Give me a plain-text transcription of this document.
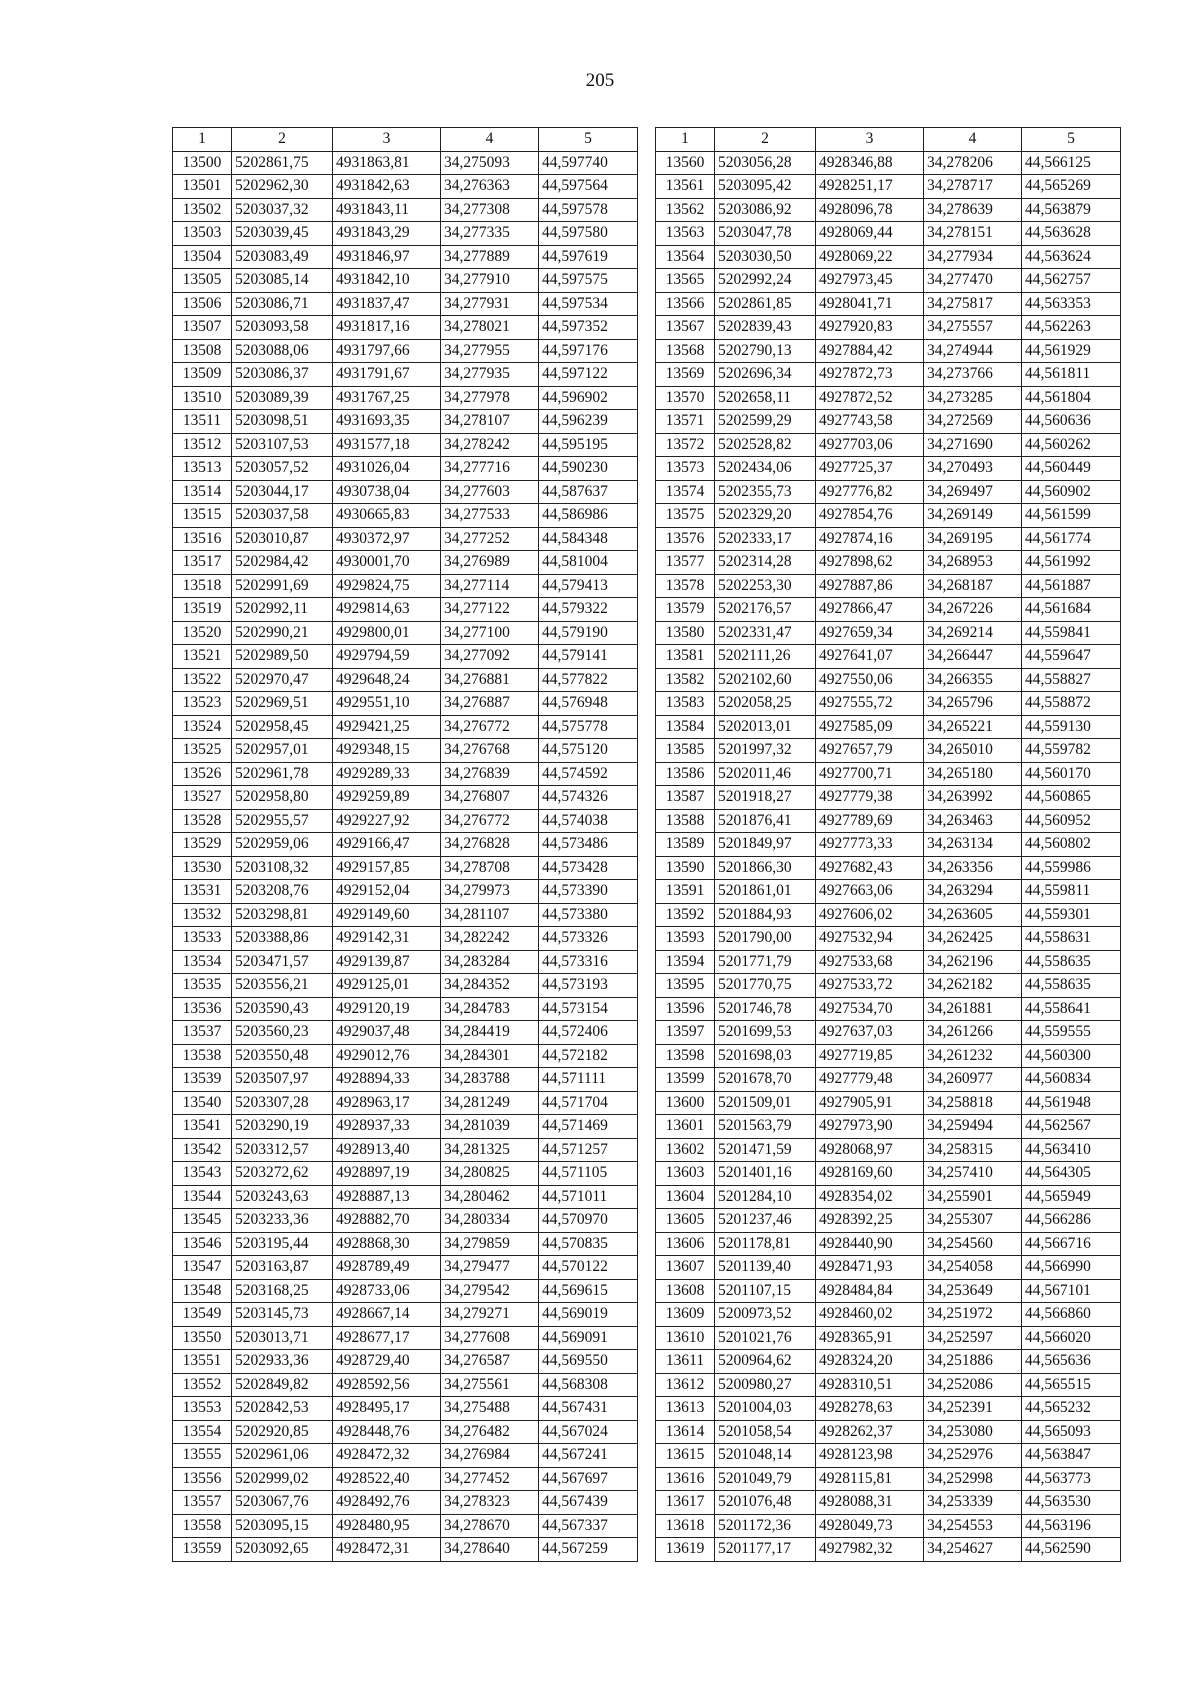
205
1	2	3	4	5
13500	5202861,75	4931863,81	34,275093	44,597740
13501	5202962,30	4931842,63	34,276363	44,597564
13502	5203037,32	4931843,11	34,277308	44,597578
13503	5203039,45	4931843,29	34,277335	44,597580
13504	5203083,49	4931846,97	34,277889	44,597619
13505	5203085,14	4931842,10	34,277910	44,597575
13506	5203086,71	4931837,47	34,277931	44,597534
13507	5203093,58	4931817,16	34,278021	44,597352
13508	5203088,06	4931797,66	34,277955	44,597176
13509	5203086,37	4931791,67	34,277935	44,597122
13510	5203089,39	4931767,25	34,277978	44,596902
13511	5203098,51	4931693,35	34,278107	44,596239
13512	5203107,53	4931577,18	34,278242	44,595195
13513	5203057,52	4931026,04	34,277716	44,590230
13514	5203044,17	4930738,04	34,277603	44,587637
13515	5203037,58	4930665,83	34,277533	44,586986
13516	5203010,87	4930372,97	34,277252	44,584348
13517	5202984,42	4930001,70	34,276989	44,581004
13518	5202991,69	4929824,75	34,277114	44,579413
13519	5202992,11	4929814,63	34,277122	44,579322
13520	5202990,21	4929800,01	34,277100	44,579190
13521	5202989,50	4929794,59	34,277092	44,579141
13522	5202970,47	4929648,24	34,276881	44,577822
13523	5202969,51	4929551,10	34,276887	44,576948
13524	5202958,45	4929421,25	34,276772	44,575778
13525	5202957,01	4929348,15	34,276768	44,575120
13526	5202961,78	4929289,33	34,276839	44,574592
13527	5202958,80	4929259,89	34,276807	44,574326
13528	5202955,57	4929227,92	34,276772	44,574038
13529	5202959,06	4929166,47	34,276828	44,573486
13530	5203108,32	4929157,85	34,278708	44,573428
13531	5203208,76	4929152,04	34,279973	44,573390
13532	5203298,81	4929149,60	34,281107	44,573380
13533	5203388,86	4929142,31	34,282242	44,573326
13534	5203471,57	4929139,87	34,283284	44,573316
13535	5203556,21	4929125,01	34,284352	44,573193
13536	5203590,43	4929120,19	34,284783	44,573154
13537	5203560,23	4929037,48	34,284419	44,572406
13538	5203550,48	4929012,76	34,284301	44,572182
13539	5203507,97	4928894,33	34,283788	44,571111
13540	5203307,28	4928963,17	34,281249	44,571704
13541	5203290,19	4928937,33	34,281039	44,571469
13542	5203312,57	4928913,40	34,281325	44,571257
13543	5203272,62	4928897,19	34,280825	44,571105
13544	5203243,63	4928887,13	34,280462	44,571011
13545	5203233,36	4928882,70	34,280334	44,570970
13546	5203195,44	4928868,30	34,279859	44,570835
13547	5203163,87	4928789,49	34,279477	44,570122
13548	5203168,25	4928733,06	34,279542	44,569615
13549	5203145,73	4928667,14	34,279271	44,569019
13550	5203013,71	4928677,17	34,277608	44,569091
13551	5202933,36	4928729,40	34,276587	44,569550
13552	5202849,82	4928592,56	34,275561	44,568308
13553	5202842,53	4928495,17	34,275488	44,567431
13554	5202920,85	4928448,76	34,276482	44,567024
13555	5202961,06	4928472,32	34,276984	44,567241
13556	5202999,02	4928522,40	34,277452	44,567697
13557	5203067,76	4928492,76	34,278323	44,567439
13558	5203095,15	4928480,95	34,278670	44,567337
13559	5203092,65	4928472,31	34,278640	44,567259
1	2	3	4	5
13560	5203056,28	4928346,88	34,278206	44,566125
13561	5203095,42	4928251,17	34,278717	44,565269
13562	5203086,92	4928096,78	34,278639	44,563879
13563	5203047,78	4928069,44	34,278151	44,563628
13564	5203030,50	4928069,22	34,277934	44,563624
13565	5202992,24	4927973,45	34,277470	44,562757
13566	5202861,85	4928041,71	34,275817	44,563353
13567	5202839,43	4927920,83	34,275557	44,562263
13568	5202790,13	4927884,42	34,274944	44,561929
13569	5202696,34	4927872,73	34,273766	44,561811
13570	5202658,11	4927872,52	34,273285	44,561804
13571	5202599,29	4927743,58	34,272569	44,560636
13572	5202528,82	4927703,06	34,271690	44,560262
13573	5202434,06	4927725,37	34,270493	44,560449
13574	5202355,73	4927776,82	34,269497	44,560902
13575	5202329,20	4927854,76	34,269149	44,561599
13576	5202333,17	4927874,16	34,269195	44,561774
13577	5202314,28	4927898,62	34,268953	44,561992
13578	5202253,30	4927887,86	34,268187	44,561887
13579	5202176,57	4927866,47	34,267226	44,561684
13580	5202331,47	4927659,34	34,269214	44,559841
13581	5202111,26	4927641,07	34,266447	44,559647
13582	5202102,60	4927550,06	34,266355	44,558827
13583	5202058,25	4927555,72	34,265796	44,558872
13584	5202013,01	4927585,09	34,265221	44,559130
13585	5201997,32	4927657,79	34,265010	44,559782
13586	5202011,46	4927700,71	34,265180	44,560170
13587	5201918,27	4927779,38	34,263992	44,560865
13588	5201876,41	4927789,69	34,263463	44,560952
13589	5201849,97	4927773,33	34,263134	44,560802
13590	5201866,30	4927682,43	34,263356	44,559986
13591	5201861,01	4927663,06	34,263294	44,559811
13592	5201884,93	4927606,02	34,263605	44,559301
13593	5201790,00	4927532,94	34,262425	44,558631
13594	5201771,79	4927533,68	34,262196	44,558635
13595	5201770,75	4927533,72	34,262182	44,558635
13596	5201746,78	4927534,70	34,261881	44,558641
13597	5201699,53	4927637,03	34,261266	44,559555
13598	5201698,03	4927719,85	34,261232	44,560300
13599	5201678,70	4927779,48	34,260977	44,560834
13600	5201509,01	4927905,91	34,258818	44,561948
13601	5201563,79	4927973,90	34,259494	44,562567
13602	5201471,59	4928068,97	34,258315	44,563410
13603	5201401,16	4928169,60	34,257410	44,564305
13604	5201284,10	4928354,02	34,255901	44,565949
13605	5201237,46	4928392,25	34,255307	44,566286
13606	5201178,81	4928440,90	34,254560	44,566716
13607	5201139,40	4928471,93	34,254058	44,566990
13608	5201107,15	4928484,84	34,253649	44,567101
13609	5200973,52	4928460,02	34,251972	44,566860
13610	5201021,76	4928365,91	34,252597	44,566020
13611	5200964,62	4928324,20	34,251886	44,565636
13612	5200980,27	4928310,51	34,252086	44,565515
13613	5201004,03	4928278,63	34,252391	44,565232
13614	5201058,54	4928262,37	34,253080	44,565093
13615	5201048,14	4928123,98	34,252976	44,563847
13616	5201049,79	4928115,81	34,252998	44,563773
13617	5201076,48	4928088,31	34,253339	44,563530
13618	5201172,36	4928049,73	34,254553	44,563196
13619	5201177,17	4927982,32	34,254627	44,562590
